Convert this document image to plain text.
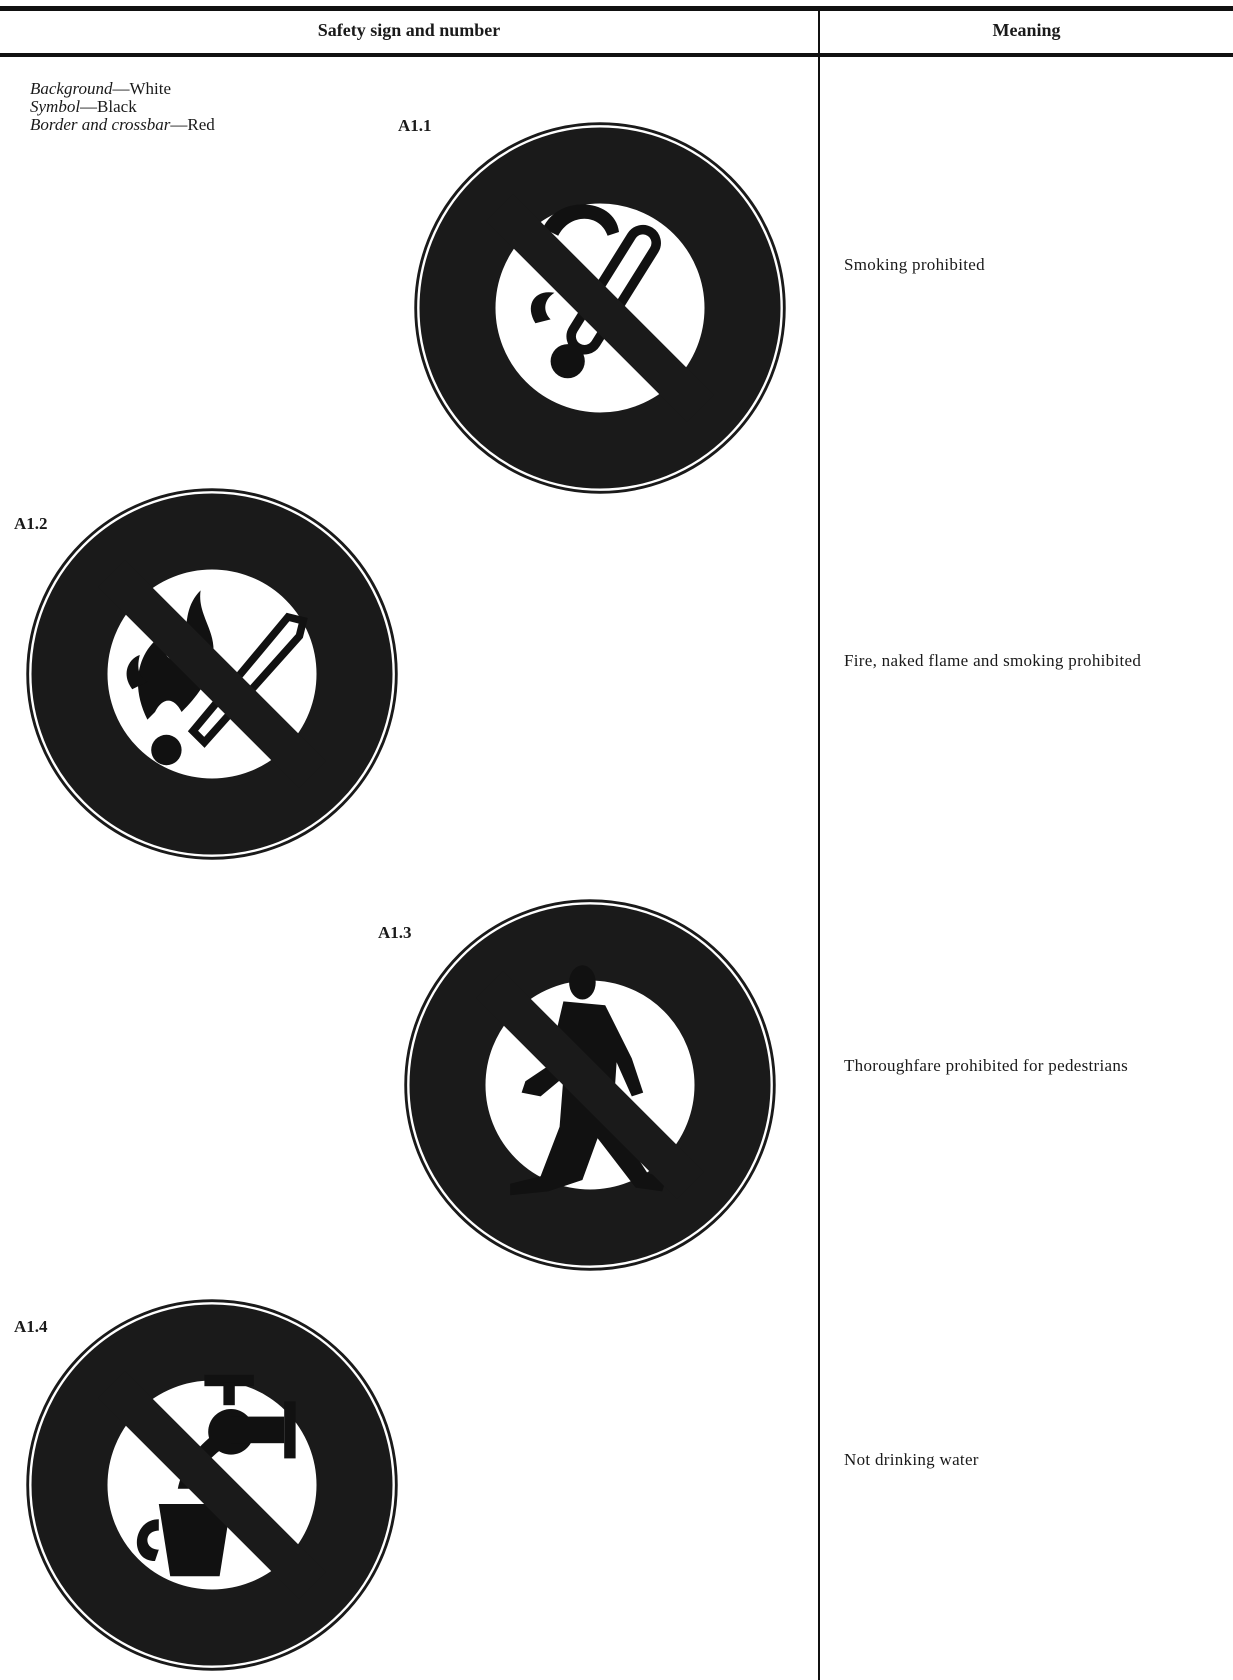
Safety sign and number	Meaning
Background—White
Symbol—Black
Border and crossbar—Red	A1.1
Smoking prohibited
A1.2
Fire, naked flame and smoking prohibited
A1.3
Thoroughfare prohibited for pedestrians
A1.4
Not drinking water
